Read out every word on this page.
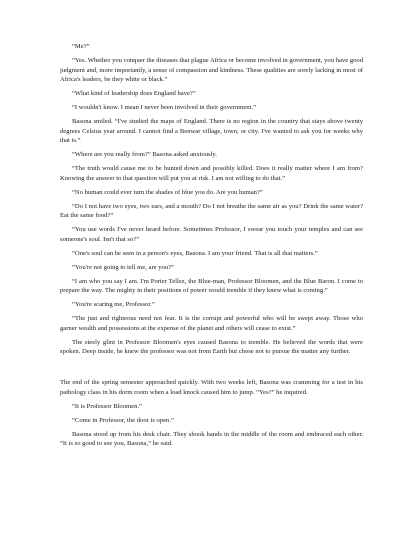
“Me?”

“Yes. Whether you conquer the diseases that plague Africa or become involved in government, you have good judgment and, more importantly, a sense of compassion and kindness. These qualities are sorely lacking in most of Africa's leaders, be they white or black.”

“What kind of leadership does England have?”

“I wouldn't know. I mean I never been involved in their government.”

Basona smiled. “I've studied the maps of England. There is no region in the country that stays above twenty degrees Celsius year around. I cannot find a Benwar village, town, or city. I've wanted to ask you for weeks why that is.”

“Where are you really from?” Basona asked anxiously.

“The truth would cause me to be hunted down and possibly killed. Does it really matter where I am from? Knowing the answer to that question will put you at risk. I am not willing to do that.”

“No human could ever turn the shades of blue you do. Are you human?”

“Do I not have two eyes, two ears, and a mouth? Do I not breathe the same air as you? Drink the same water? Eat the same food?”

“You use words I've never heard before. Sometimes Professor, I swear you touch your temples and can see someone's soul. Isn't that so?”

“One's soul can be seen in a person's eyes, Basona. I am your friend. That is all that matters.”

“You're not going to tell me, are you?”

“I am who you say I am. I'm Porter Tellez, the Blue-man, Professor Bloomen, and the Blue Baron. I come to prepare the way. The mighty in their positions of power would tremble if they knew what is coming.”

“You're scaring me, Professor.”

“The just and righteous need not fear. It is the corrupt and powerful who will be swept away. Those who garner wealth and possessions at the expense of the planet and others will cease to exist.”

The steely glint in Professor Bloomen's eyes caused Basona to tremble. He believed the words that were spoken. Deep inside, he knew the professor was not from Earth but chose not to pursue the matter any further.

The end of the spring semester approached quickly. With two weeks left, Basona was cramming for a test in his pathology class in his dorm room when a load knock caused him to jump. “Yes?” he inquired.

“It is Professor Bloomen.”

“Come in Professor, the door is open.”

Basona stood up from his desk chair. They shook hands in the middle of the room and embraced each other. “It is so good to see you, Basona,” he said.
